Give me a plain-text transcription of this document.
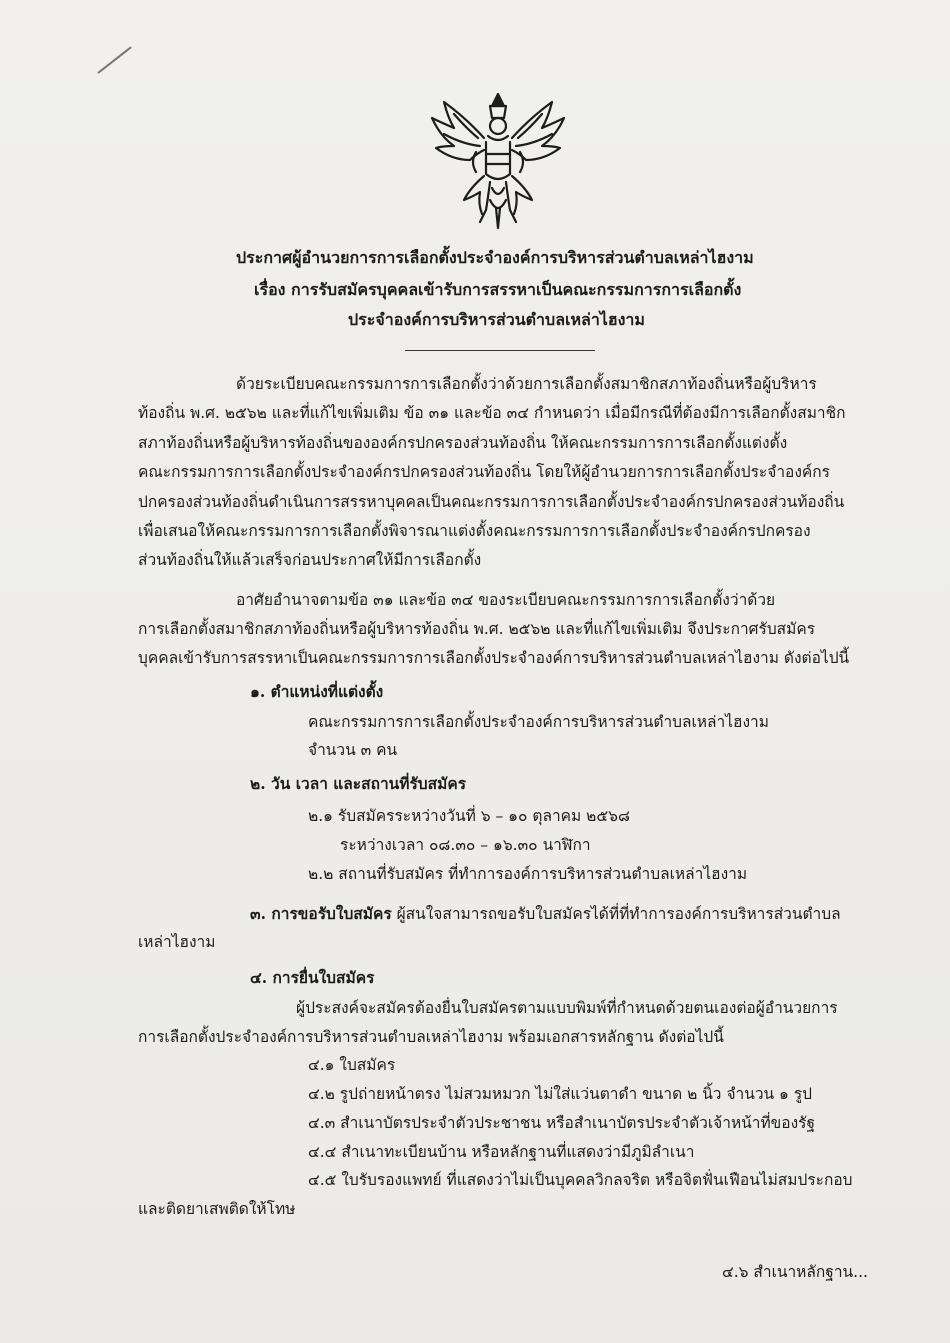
ประกาศผู้อำนวยการการเลือกตั้งประจำองค์การบริหารส่วนตำบลเหล่าไฮงาม
เรื่อง การรับสมัครบุคคลเข้ารับการสรรหาเป็นคณะกรรมการการเลือกตั้ง
ประจำองค์การบริหารส่วนตำบลเหล่าไฮงาม
ด้วยระเบียบคณะกรรมการการเลือกตั้งว่าด้วยการเลือกตั้งสมาชิกสภาท้องถิ่นหรือผู้บริหาร
ท้องถิ่น พ.ศ. ๒๕๖๒ และที่แก้ไขเพิ่มเติม ข้อ ๓๑ และข้อ ๓๔ กำหนดว่า เมื่อมีกรณีที่ต้องมีการเลือกตั้งสมาชิก
สภาท้องถิ่นหรือผู้บริหารท้องถิ่นขององค์กรปกครองส่วนท้องถิ่น ให้คณะกรรมการการเลือกตั้งแต่งตั้ง
คณะกรรมการการเลือกตั้งประจำองค์กรปกครองส่วนท้องถิ่น โดยให้ผู้อำนวยการการเลือกตั้งประจำองค์กร
ปกครองส่วนท้องถิ่นดำเนินการสรรหาบุคคลเป็นคณะกรรมการการเลือกตั้งประจำองค์กรปกครองส่วนท้องถิ่น
เพื่อเสนอให้คณะกรรมการการเลือกตั้งพิจารณาแต่งตั้งคณะกรรมการการเลือกตั้งประจำองค์กรปกครอง
ส่วนท้องถิ่นให้แล้วเสร็จก่อนประกาศให้มีการเลือกตั้ง
อาศัยอำนาจตามข้อ ๓๑ และข้อ ๓๔ ของระเบียบคณะกรรมการการเลือกตั้งว่าด้วย
การเลือกตั้งสมาชิกสภาท้องถิ่นหรือผู้บริหารท้องถิ่น พ.ศ. ๒๕๖๒ และที่แก้ไขเพิ่มเติม จึงประกาศรับสมัคร
บุคคลเข้ารับการสรรหาเป็นคณะกรรมการการเลือกตั้งประจำองค์การบริหารส่วนตำบลเหล่าไฮงาม ดังต่อไปนี้
๑. ตำแหน่งที่แต่งตั้ง
คณะกรรมการการเลือกตั้งประจำองค์การบริหารส่วนตำบลเหล่าไฮงาม
จำนวน ๓ คน
๒. วัน เวลา และสถานที่รับสมัคร
๒.๑ รับสมัครระหว่างวันที่ ๖ – ๑๐ ตุลาคม ๒๕๖๘
ระหว่างเวลา ๐๘.๓๐ – ๑๖.๓๐ นาฬิกา
๒.๒ สถานที่รับสมัคร ที่ทำการองค์การบริหารส่วนตำบลเหล่าไฮงาม
๓. การขอรับใบสมัคร ผู้สนใจสามารถขอรับใบสมัครได้ที่ที่ทำการองค์การบริหารส่วนตำบล
เหล่าไฮงาม
๔. การยื่นใบสมัคร
ผู้ประสงค์จะสมัครต้องยื่นใบสมัครตามแบบพิมพ์ที่กำหนดด้วยตนเองต่อผู้อำนวยการ
การเลือกตั้งประจำองค์การบริหารส่วนตำบลเหล่าไฮงาม พร้อมเอกสารหลักฐาน ดังต่อไปนี้
๔.๑ ใบสมัคร
๔.๒ รูปถ่ายหน้าตรง ไม่สวมหมวก ไม่ใส่แว่นตาดำ ขนาด ๒ นิ้ว จำนวน ๑ รูป
๔.๓ สำเนาบัตรประจำตัวประชาชน หรือสำเนาบัตรประจำตัวเจ้าหน้าที่ของรัฐ
๔.๔ สำเนาทะเบียนบ้าน หรือหลักฐานที่แสดงว่ามีภูมิลำเนา
๔.๕ ใบรับรองแพทย์ ที่แสดงว่าไม่เป็นบุคคลวิกลจริต หรือจิตฟั่นเฟือนไม่สมประกอบ
และติดยาเสพติดให้โทษ
๔.๖ สำเนาหลักฐาน...
